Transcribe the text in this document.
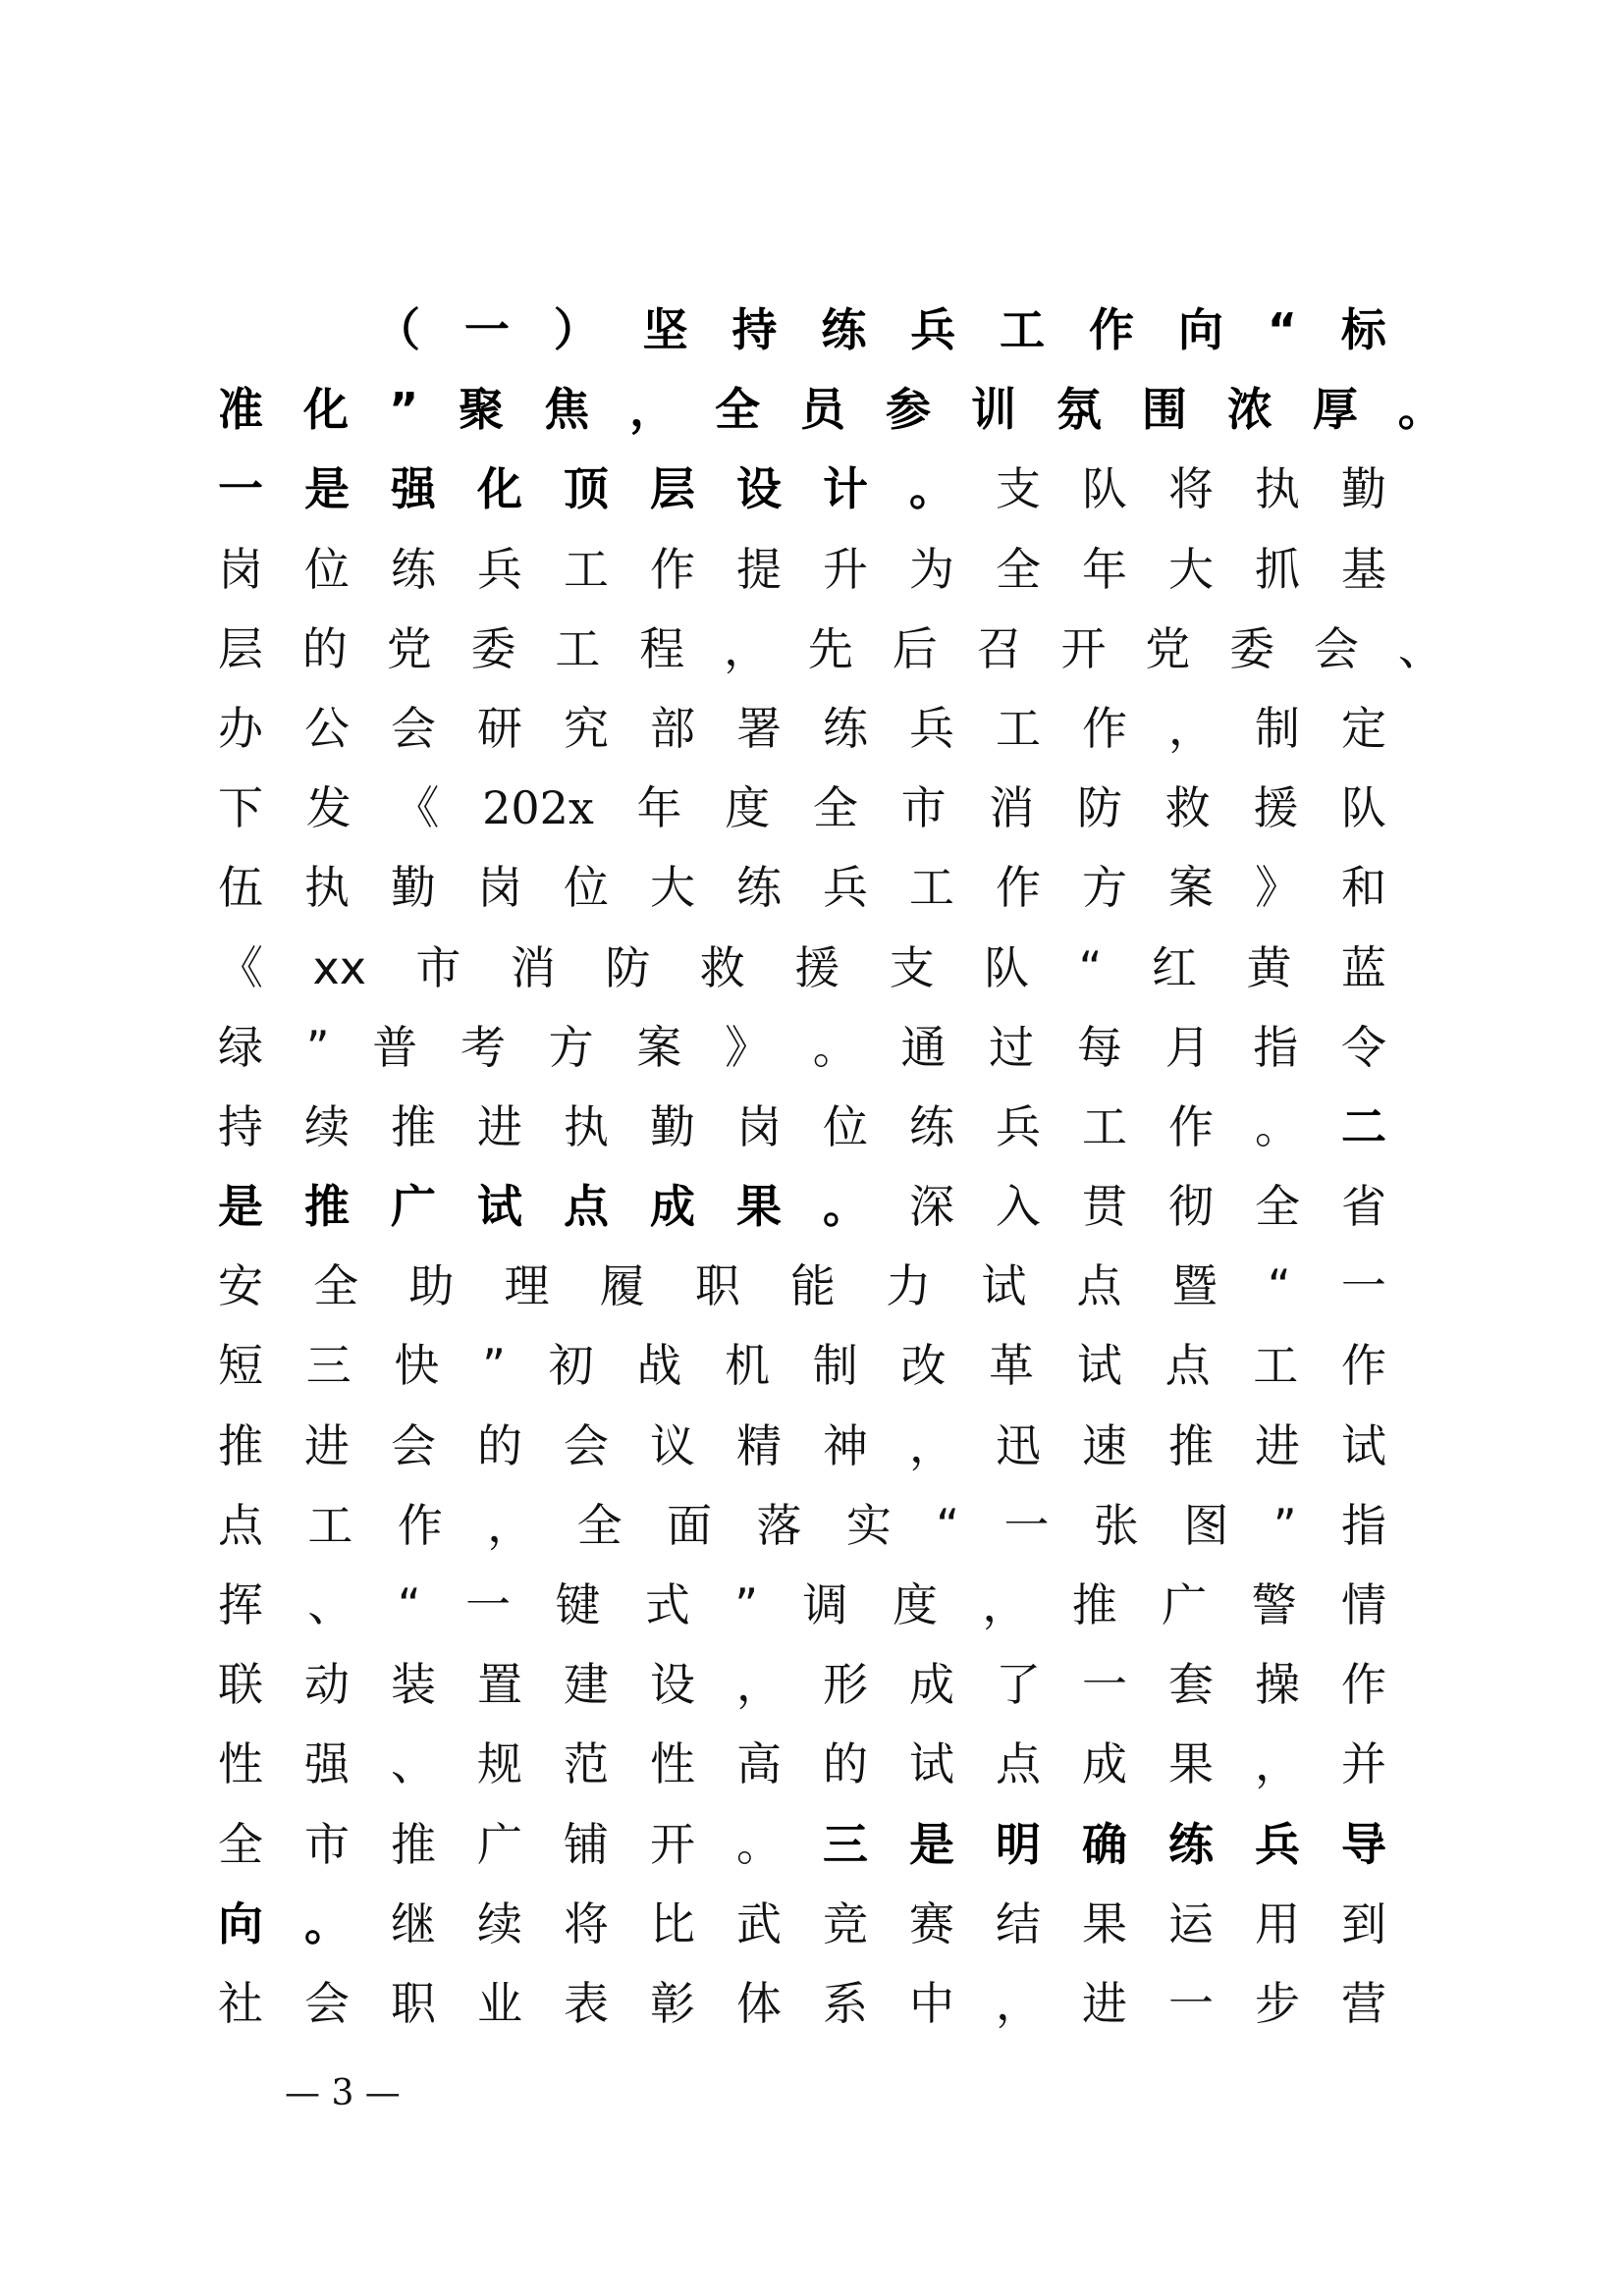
（ 一 ） 坚 持 练 兵 工 作 向 “ 标
准 化 ” 聚 焦 ， 全 员 参 训 氛 围 浓 厚 。
一 是 强 化 顶 层 设 计 。 支 队 将 执 勤
岗 位 练 兵 工 作 提 升 为 全 年 大 抓 基
层 的 党 委 工 程 ， 先 后 召 开 党 委 会 、
办 公 会 研 究 部 署 练 兵 工 作 ， 制 定
下 发 《 202x 年 度 全 市 消 防 救 援 队
伍 执 勤 岗 位 大 练 兵 工 作 方 案 》 和
《 xx 市 消 防 救 援 支 队 “ 红 黄 蓝
绿 ” 普 考 方 案 》 。 通 过 每 月 指 令
持 续 推 进 执 勤 岗 位 练 兵 工 作 。 二
是 推 广 试 点 成 果 。 深 入 贯 彻 全 省
安 全 助 理 履 职 能 力 试 点 暨 “ 一
短 三 快 ” 初 战 机 制 改 革 试 点 工 作
推 进 会 的 会 议 精 神 ， 迅 速 推 进 试
点 工 作 ， 全 面 落 实 “ 一 张 图 ” 指
挥 、 “ 一 键 式 ” 调 度 ， 推 广 警 情
联 动 装 置 建 设 ， 形 成 了 一 套 操 作
性 强 、 规 范 性 高 的 试 点 成 果 ， 并
全 市 推 广 铺 开 。 三 是 明 确 练 兵 导
向 。 继 续 将 比 武 竞 赛 结 果 运 用 到
社 会 职 业 表 彰 体 系 中 ， 进 一 步 营
— 3 —
